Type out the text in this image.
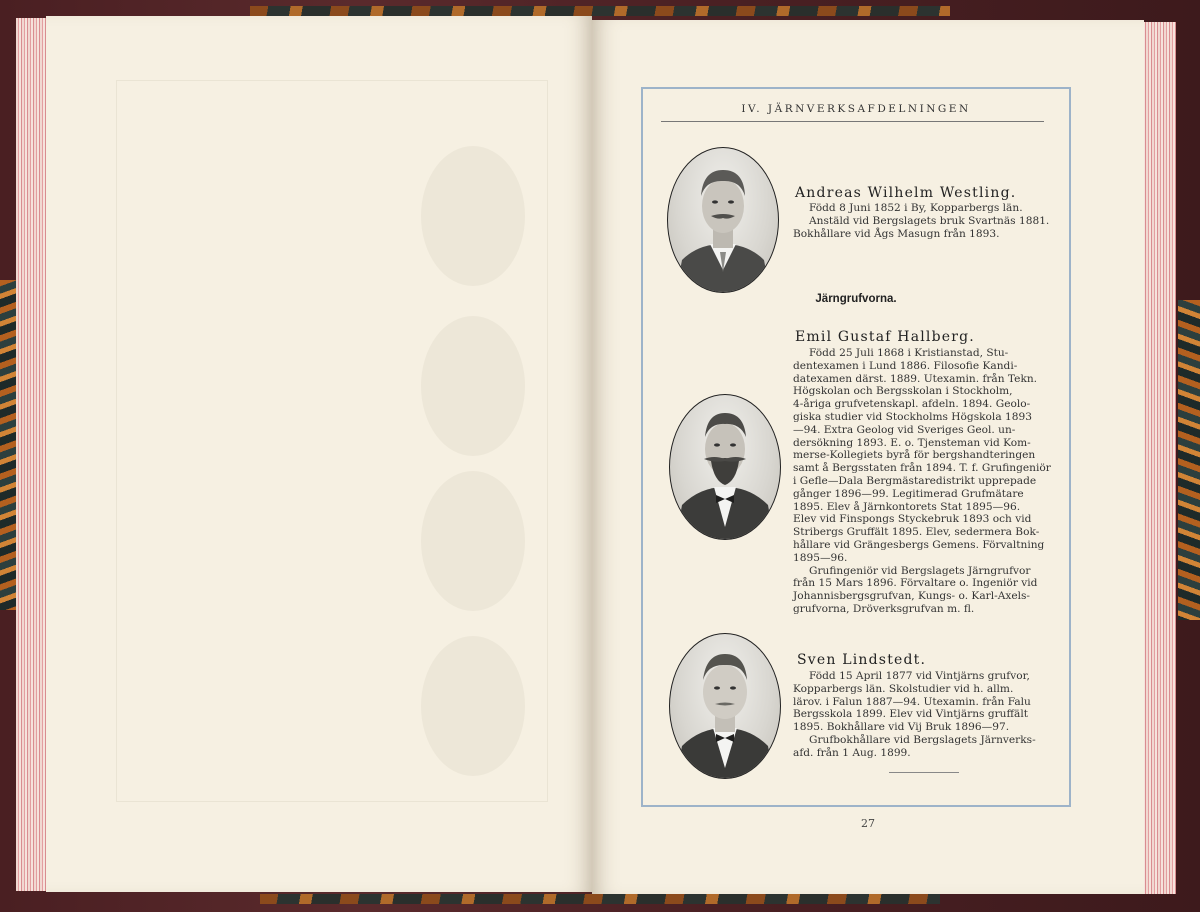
IV. JÄRNVERKSAFDELNINGEN
Andreas Wilhelm Westling.
Född 8 Juni 1852 i By, Kopparbergs län.
Anstäld vid Bergslagets bruk Svartnäs 1881.
Bokhållare vid Ågs Masugn från 1893.
Järngrufvorna.
Emil Gustaf Hallberg.
Född 25 Juli 1868 i Kristianstad, Stu-
dentexamen i Lund 1886. Filosofie Kandi-
datexamen därst. 1889. Utexamin. från Tekn.
Högskolan och Bergsskolan i Stockholm,
4-åriga grufvetenskapl. afdeln. 1894. Geolo-
giska studier vid Stockholms Högskola 1893
—94. Extra Geolog vid Sveriges Geol. un-
dersökning 1893. E. o. Tjensteman vid Kom-
merse-Kollegiets byrå för bergshandteringen
samt å Bergsstaten från 1894. T. f. Grufingeniör
i Gefle—Dala Bergmästaredistrikt upprepade
gånger 1896—99. Legitimerad Grufmätare
1895. Elev å Järnkontorets Stat 1895—96.
Elev vid Finspongs Styckebruk 1893 och vid
Stribergs Gruffält 1895. Elev, sedermera Bok-
hållare vid Grängesbergs Gemens. Förvaltning
1895—96.
Grufingeniör vid Bergslagets Järngrufvor
från 15 Mars 1896. Förvaltare o. Ingeniör vid
Johannisbergsgrufvan, Kungs- o. Karl-Axels-
grufvorna, Dröverksgrufvan m. fl.
Sven Lindstedt.
Född 15 April 1877 vid Vintjärns grufvor,
Kopparbergs län. Skolstudier vid h. allm.
lärov. i Falun 1887—94. Utexamin. från Falu
Bergsskola 1899. Elev vid Vintjärns gruffält
1895. Bokhållare vid Vij Bruk 1896—97.
Grufbokhållare vid Bergslagets Järnverks-
afd. från 1 Aug. 1899.
27
